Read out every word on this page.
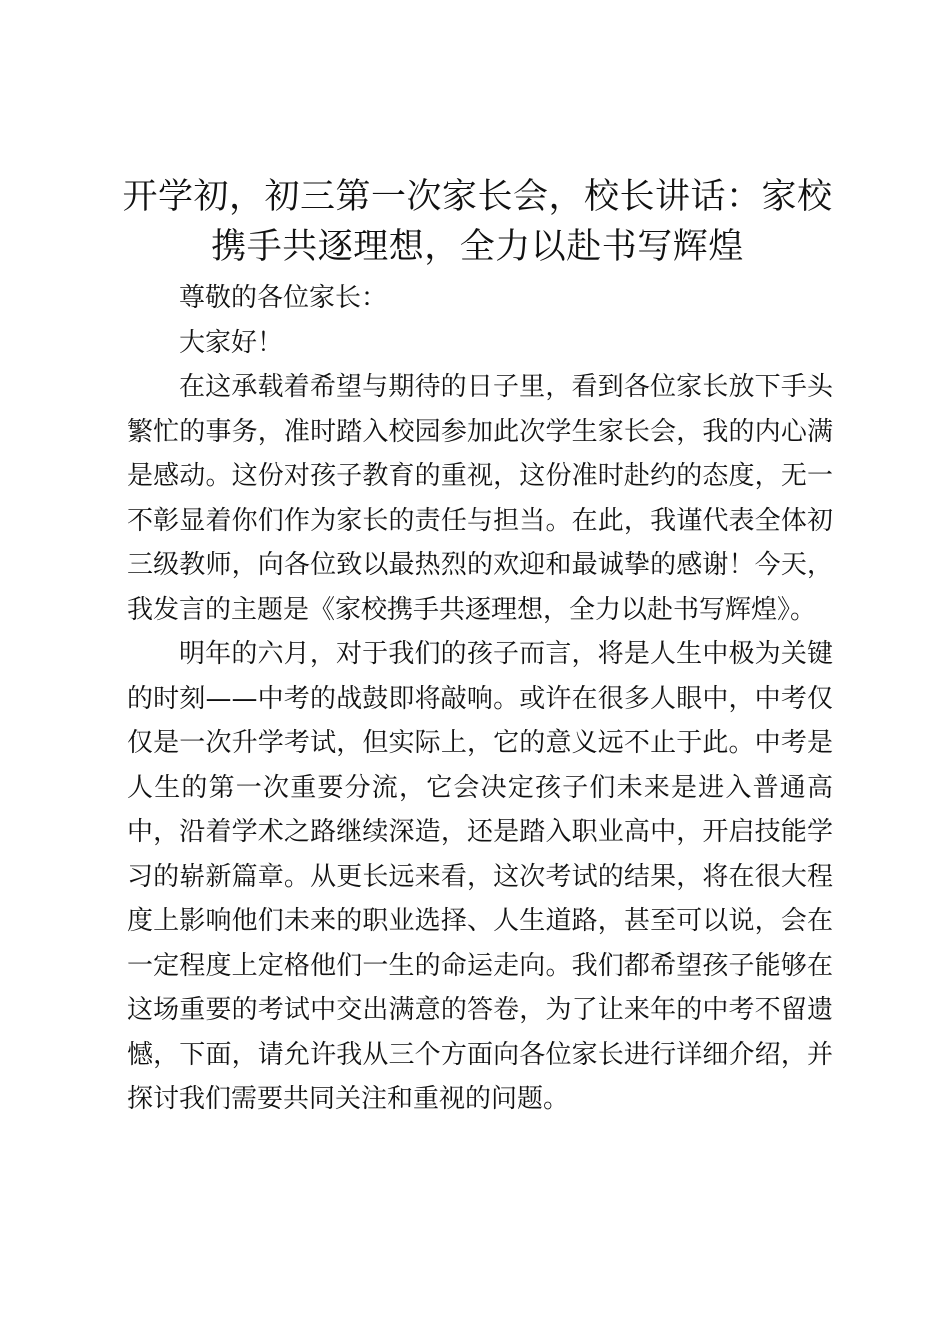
开学初，初三第一次家长会，校长讲话：家校携手共逐理想，全力以赴书写辉煌

尊敬的各位家长：

大家好！

在这承载着希望与期待的日子里，看到各位家长放下手头繁忙的事务，准时踏入校园参加此次学生家长会，我的内心满是感动。这份对孩子教育的重视，这份准时赴约的态度，无一不彰显着你们作为家长的责任与担当。在此，我谨代表全体初三级教师，向各位致以最热烈的欢迎和最诚挚的感谢！今天，我发言的主题是《家校携手共逐理想，全力以赴书写辉煌》。

明年的六月，对于我们的孩子而言，将是人生中极为关键的时刻——中考的战鼓即将敲响。或许在很多人眼中，中考仅仅是一次升学考试，但实际上，它的意义远不止于此。中考是人生的第一次重要分流，它会决定孩子们未来是进入普通高中，沿着学术之路继续深造，还是踏入职业高中，开启技能学习的崭新篇章。从更长远来看，这次考试的结果，将在很大程度上影响他们未来的职业选择、人生道路，甚至可以说，会在一定程度上定格他们一生的命运走向。我们都希望孩子能够在这场重要的考试中交出满意的答卷，为了让来年的中考不留遗憾，下面，请允许我从三个方面向各位家长进行详细介绍，并探讨我们需要共同关注和重视的问题。
